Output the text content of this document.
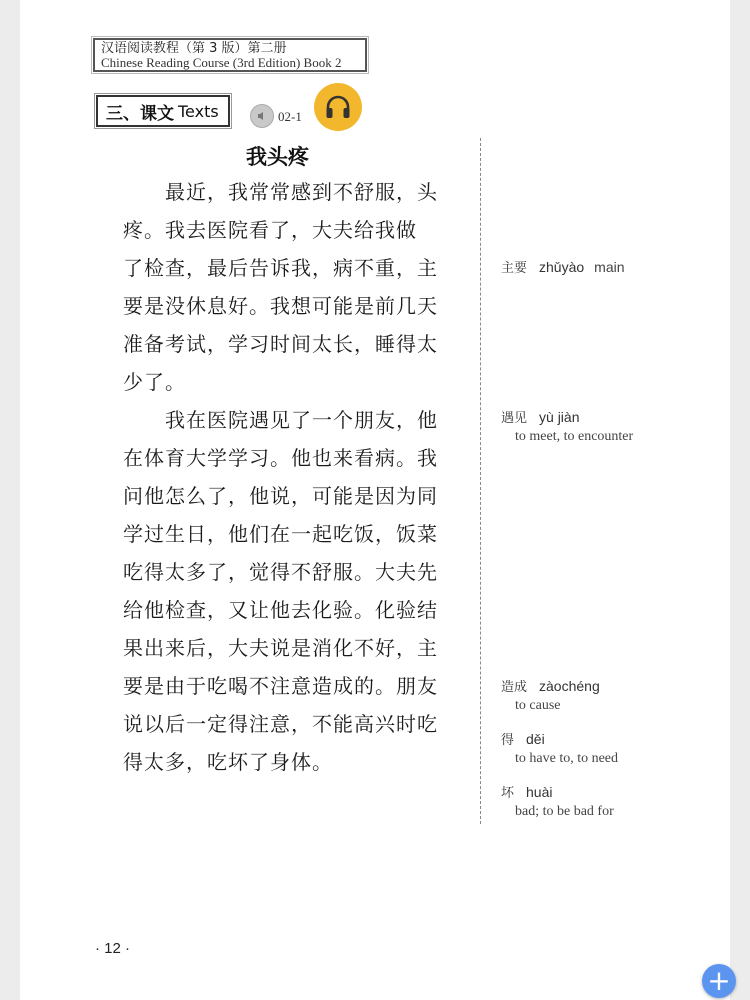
汉语阅读教程（第 3 版）第二册
Chinese Reading Course (3rd Edition) Book 2
三、课文 Texts	02-1
我头疼
　　最近，我常常感到不舒服，头
疼。我去医院看了，大夫给我做
了检查，最后告诉我，病不重，主
要是没休息好。我想可能是前几天
准备考试，学习时间太长，睡得太
少了。
　　我在医院遇见了一个朋友，他
在体育大学学习。他也来看病。我
问他怎么了，他说，可能是因为同
学过生日，他们在一起吃饭，饭菜
吃得太多了，觉得不舒服。大夫先
给他检查，又让他去化验。化验结
果出来后，大夫说是消化不好，主
要是由于吃喝不注意造成的。朋友
说以后一定得注意，不能高兴时吃
得太多，吃坏了身体。
主要 zhǔyào main
遇见 yù jiàn
to meet, to encounter
造成 zàochéng
to cause
得 děi
to have to, to need
坏 huài
bad; to be bad for
· 12 ·
+
